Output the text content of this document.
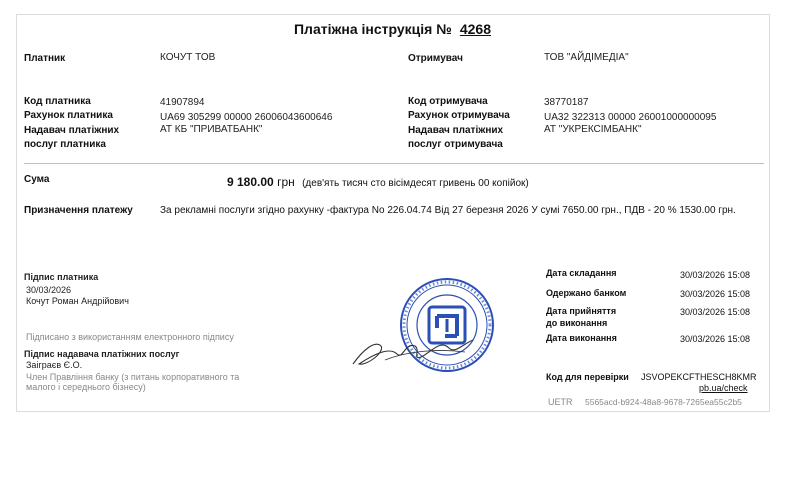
Платіжна інструкція № 4268
Платник	КОЧУТ ТОВ
Код платника	41907894
Рахунок платника	UA69 305299 00000 26006043600646
Надавач платіжних
послуг платника
АТ КБ "ПРИВАТБАНК"
Отримувач	ТОВ "АЙДІМЕДІА"
Код отримувача	38770187
Рахунок отримувача	UA32 322313 00000 26001000000095
Надавач платіжних
послуг отримувача
АТ "УКРЕКСІМБАНК"
Сума	9 180.00 грн (дев'ять тисяч сто вісімдесят гривень 00 копійок)
Призначення платежу	За рекламні послуги згідно рахунку -фактура No 226.04.74 Від 27 березня 2026 У сумі 7650.00 грн., ПДВ - 20 % 1530.00 грн.
Підпис платника
30/03/2026
Кочут Роман Андрійович
Підписано з використанням електронного підпису
Підпис надавача платіжних послуг
Заіграєв Є.О.
Член Правління банку (з питань корпоративного та
малого і середнього бізнесу)
Дата складання	30/03/2026 15:08
Одержано банком	30/03/2026 15:08
Дата прийняття
до виконання
30/03/2026 15:08
Дата виконання	30/03/2026 15:08
Код для перевірки JSVOPEKCFTHESCH8KMR
pb.ua/check
UETR 5565acd-b924-48a8-9678-7265ea55c2b5
